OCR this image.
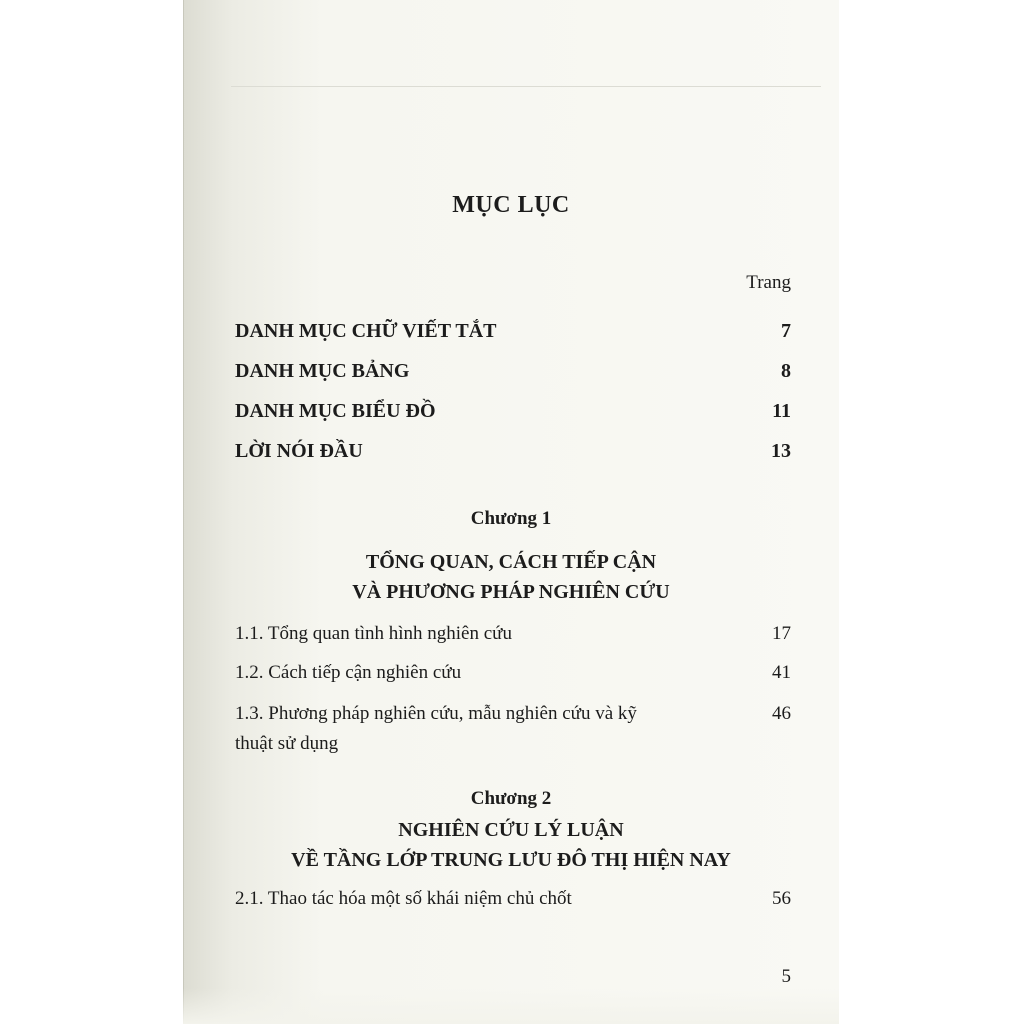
MỤC LỤC
Trang
DANH MỤC CHỮ VIẾT TẮT	7
DANH MỤC BẢNG	8
DANH MỤC BIỂU ĐỒ	11
LỜI NÓI ĐẦU	13
Chương 1
TỔNG QUAN, CÁCH TIẾP CẬN
VÀ PHƯƠNG PHÁP NGHIÊN CỨU
1.1. Tổng quan tình hình nghiên cứu	17
1.2. Cách tiếp cận nghiên cứu	41
1.3. Phương pháp nghiên cứu, mẫu nghiên cứu và kỹ	46
thuật sử dụng
Chương 2
NGHIÊN CỨU LÝ LUẬN
VỀ TẦNG LỚP TRUNG LƯU ĐÔ THỊ HIỆN NAY
2.1. Thao tác hóa một số khái niệm chủ chốt	56
5
